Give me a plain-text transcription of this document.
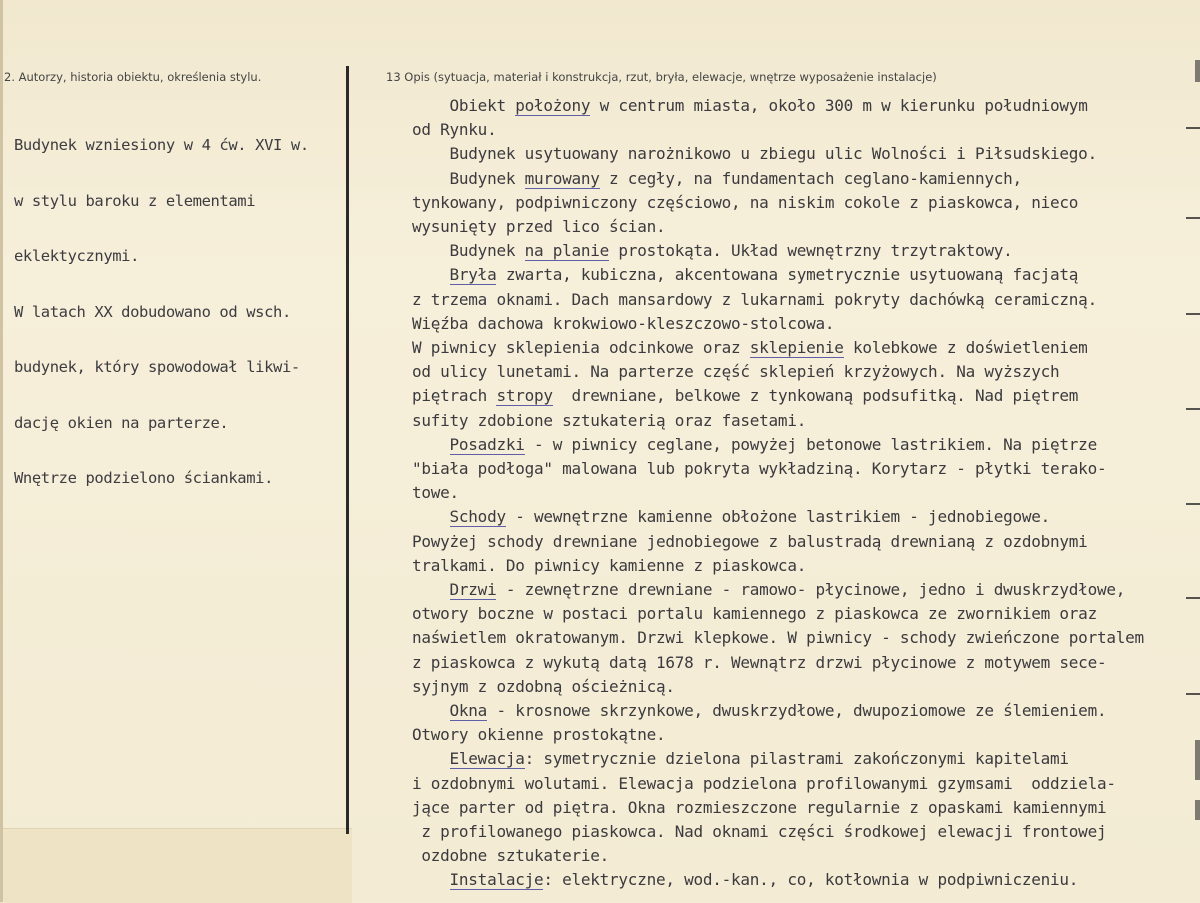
2. Autorzy, historia obiektu, określenia stylu.	13 Opis (sytuacja, materiał i konstrukcja, rzut, bryła, elewacje, wnętrze wyposażenie instalacje)

Budynek wzniesiony w 4 ćw. XVI w.

w stylu baroku z elementami

eklektycznymi.

W latach XX dobudowano od wsch.

budynek, który spowodował likwi-

dację okien na parterze.

Wnętrze podzielono ściankami.

Obiekt położony w centrum miasta, około 300 m w kierunku południowym
od Rynku.
Budynek usytuowany narożnikowo u zbiegu ulic Wolności i Piłsudskiego.
Budynek murowany z cegły, na fundamentach ceglano-kamiennych,
tynkowany, podpiwniczony częściowo, na niskim cokole z piaskowca, nieco
wysunięty przed lico ścian.
Budynek na planie prostokąta. Układ wewnętrzny trzytraktowy.
Bryła zwarta, kubiczna, akcentowana symetrycznie usytuowaną facjatą
z trzema oknami. Dach mansardowy z lukarnami pokryty dachówką ceramiczną.
Więźba dachowa krokwiowo-kleszczowo-stolcowa.
W piwnicy sklepienia odcinkowe oraz sklepienie kolebkowe z doświetleniem
od ulicy lunetami. Na parterze część sklepień krzyżowych. Na wyższych
piętrach stropy  drewniane, belkowe z tynkowaną podsufitką. Nad piętrem
sufity zdobione sztukaterią oraz fasetami.
Posadzki - w piwnicy ceglane, powyżej betonowe lastrikiem. Na piętrze
"biała podłoga" malowana lub pokryta wykładziną. Korytarz - płytki terako-
towe.
Schody - wewnętrzne kamienne obłożone lastrikiem - jednobiegowe.
Powyżej schody drewniane jednobiegowe z balustradą drewnianą z ozdobnymi
tralkami. Do piwnicy kamienne z piaskowca.
Drzwi - zewnętrzne drewniane - ramowo- płycinowe, jedno i dwuskrzydłowe,
otwory boczne w postaci portalu kamiennego z piaskowca ze zwornikiem oraz
naświetlem okratowanym. Drzwi klepkowe. W piwnicy - schody zwieńczone portalem
z piaskowca z wykutą datą 1678 r. Wewnątrz drzwi płycinowe z motywem sece-
syjnym z ozdobną ościeżnicą.
Okna - krosnowe skrzynkowe, dwuskrzydłowe, dwupoziomowe ze ślemieniem.
Otwory okienne prostokątne.
Elewacja: symetrycznie dzielona pilastrami zakończonymi kapitelami
i ozdobnymi wolutami. Elewacja podzielona profilowanymi gzymsami  oddziela-
jące parter od piętra. Okna rozmieszczone regularnie z opaskami kamiennymi
z profilowanego piaskowca. Nad oknami części środkowej elewacji frontowej
ozdobne sztukaterie.
Instalacje: elektryczne, wod.-kan., co, kotłownia w podpiwniczeniu.
